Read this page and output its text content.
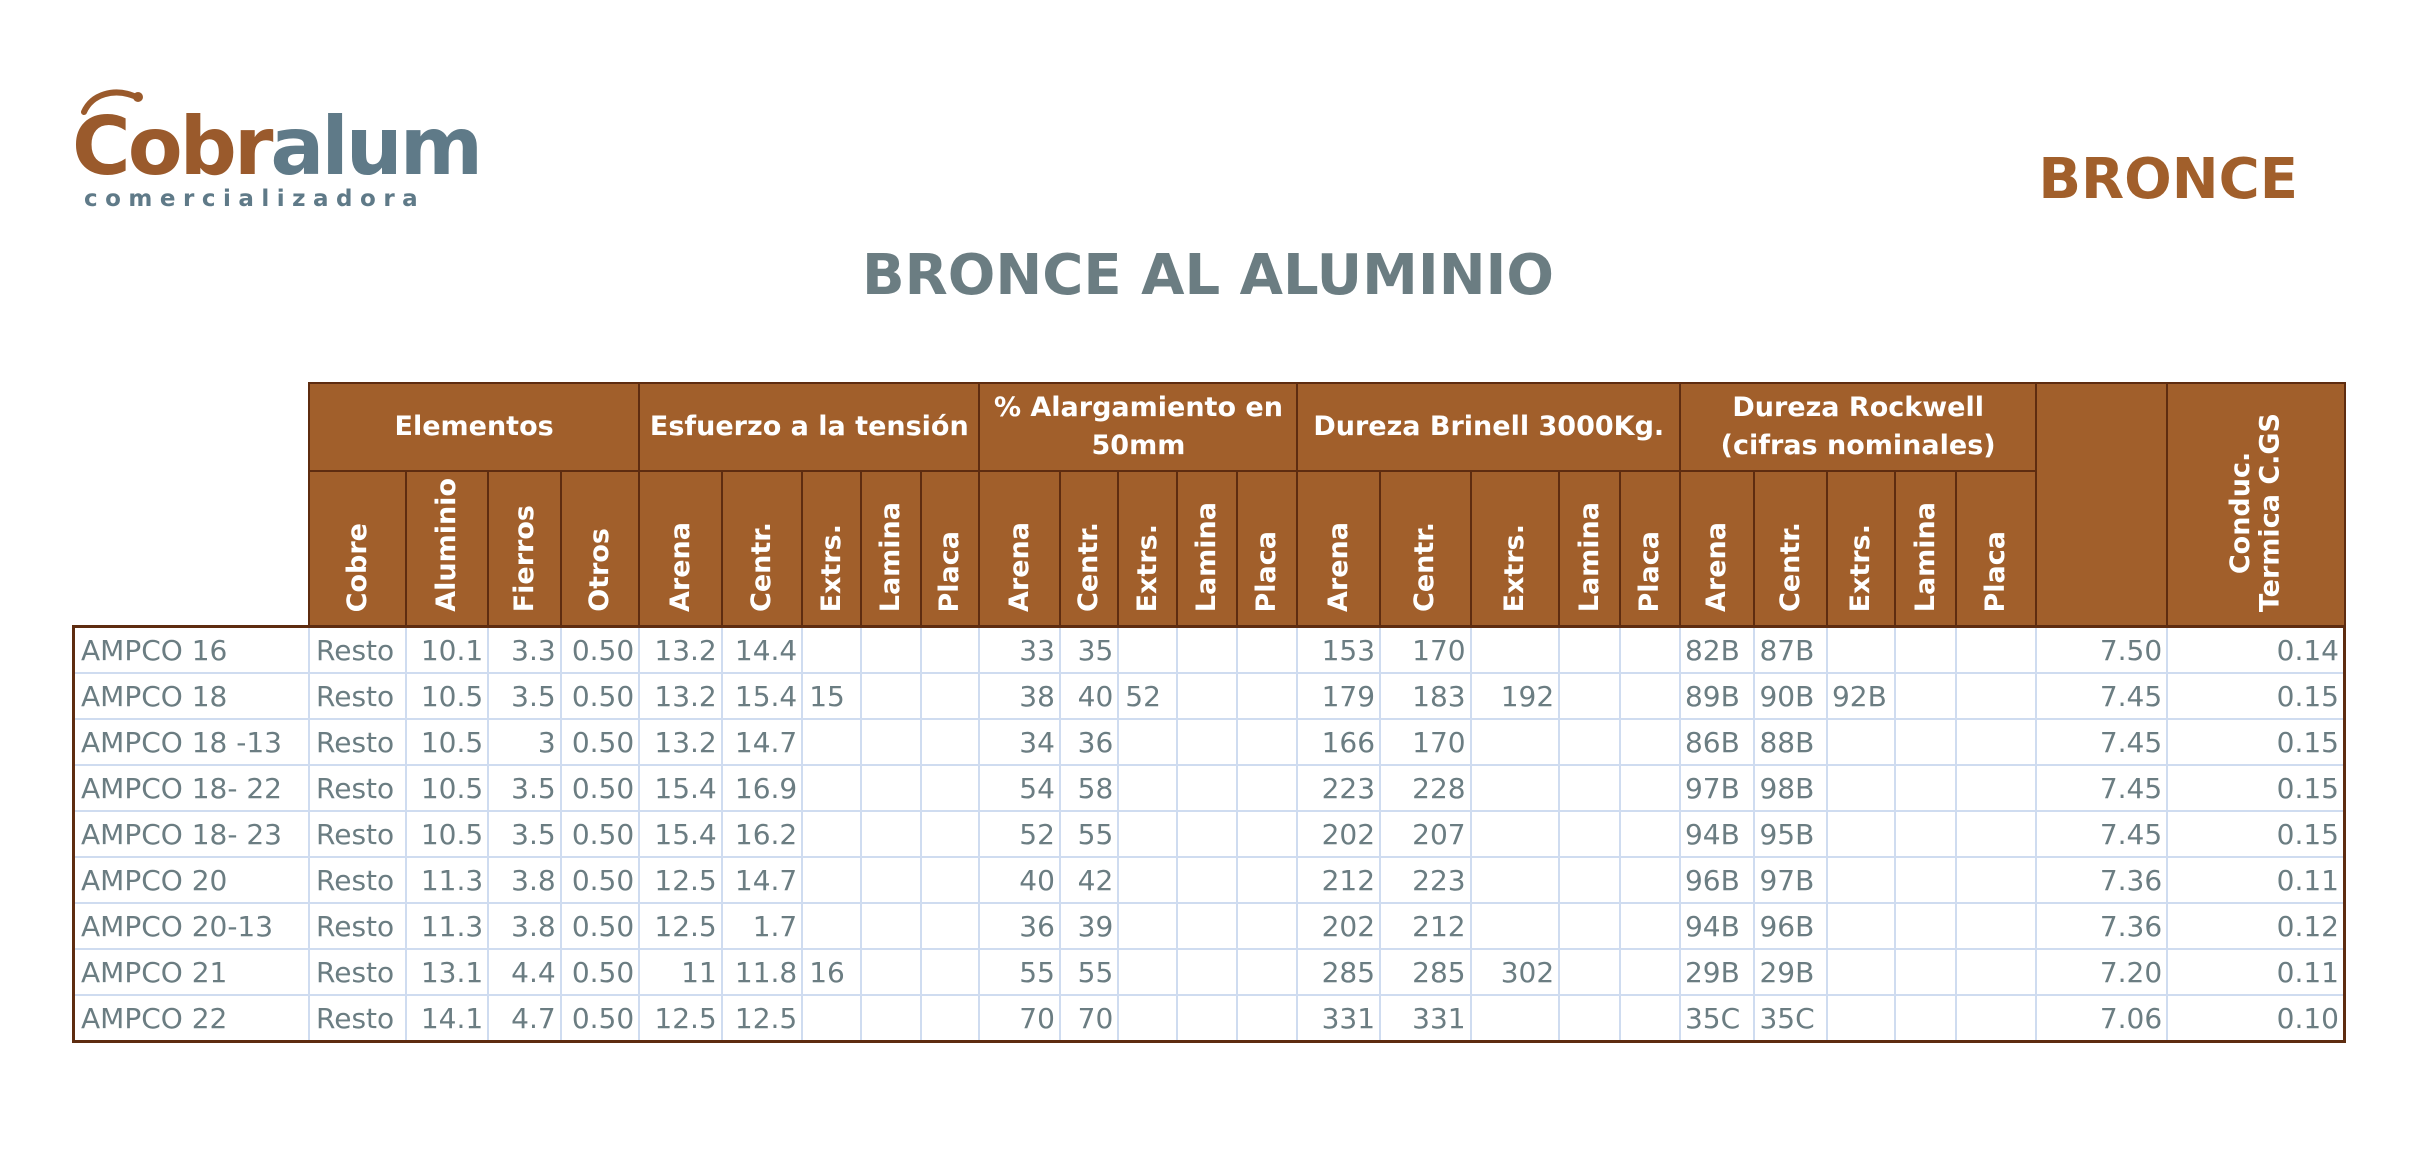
Cobralum
comercializadora	BRONCE
BRONCE AL ALUMINIO
	Elementos				Esfuerzo a la tensión					% Alargamiento en 50mm					Dureza Brinell 3000Kg.					Dureza Rockwell (cifras nominales)						Conduc.
Termica C.GS
	Cobre	Aluminio	Fierros	Otros	Arena	Centr.	Extrs.	Lamina	Placa	Arena	Centr.	Extrs.	Lamina	Placa	Arena	Centr.	Extrs.	Lamina	Placa	Arena	Centr.	Extrs.	Lamina	Placa		
AMPCO 16	Resto	10.1	3.3	0.50	13.2	14.4				33	35				153	170				82B	87B				7.50	0.14
AMPCO 18	Resto	10.5	3.5	0.50	13.2	15.4	15			38	40	52			179	183	192			89B	90B	92B			7.45	0.15
AMPCO 18 -13	Resto	10.5	3	0.50	13.2	14.7				34	36				166	170				86B	88B				7.45	0.15
AMPCO 18- 22	Resto	10.5	3.5	0.50	15.4	16.9				54	58				223	228				97B	98B				7.45	0.15
AMPCO 18- 23	Resto	10.5	3.5	0.50	15.4	16.2				52	55				202	207				94B	95B				7.45	0.15
AMPCO 20	Resto	11.3	3.8	0.50	12.5	14.7				40	42				212	223				96B	97B				7.36	0.11
AMPCO 20-13	Resto	11.3	3.8	0.50	12.5	1.7				36	39				202	212				94B	96B				7.36	0.12
AMPCO 21	Resto	13.1	4.4	0.50	11	11.8	16			55	55				285	285	302			29B	29B				7.20	0.11
AMPCO 22	Resto	14.1	4.7	0.50	12.5	12.5				70	70				331	331				35C	35C				7.06	0.10
